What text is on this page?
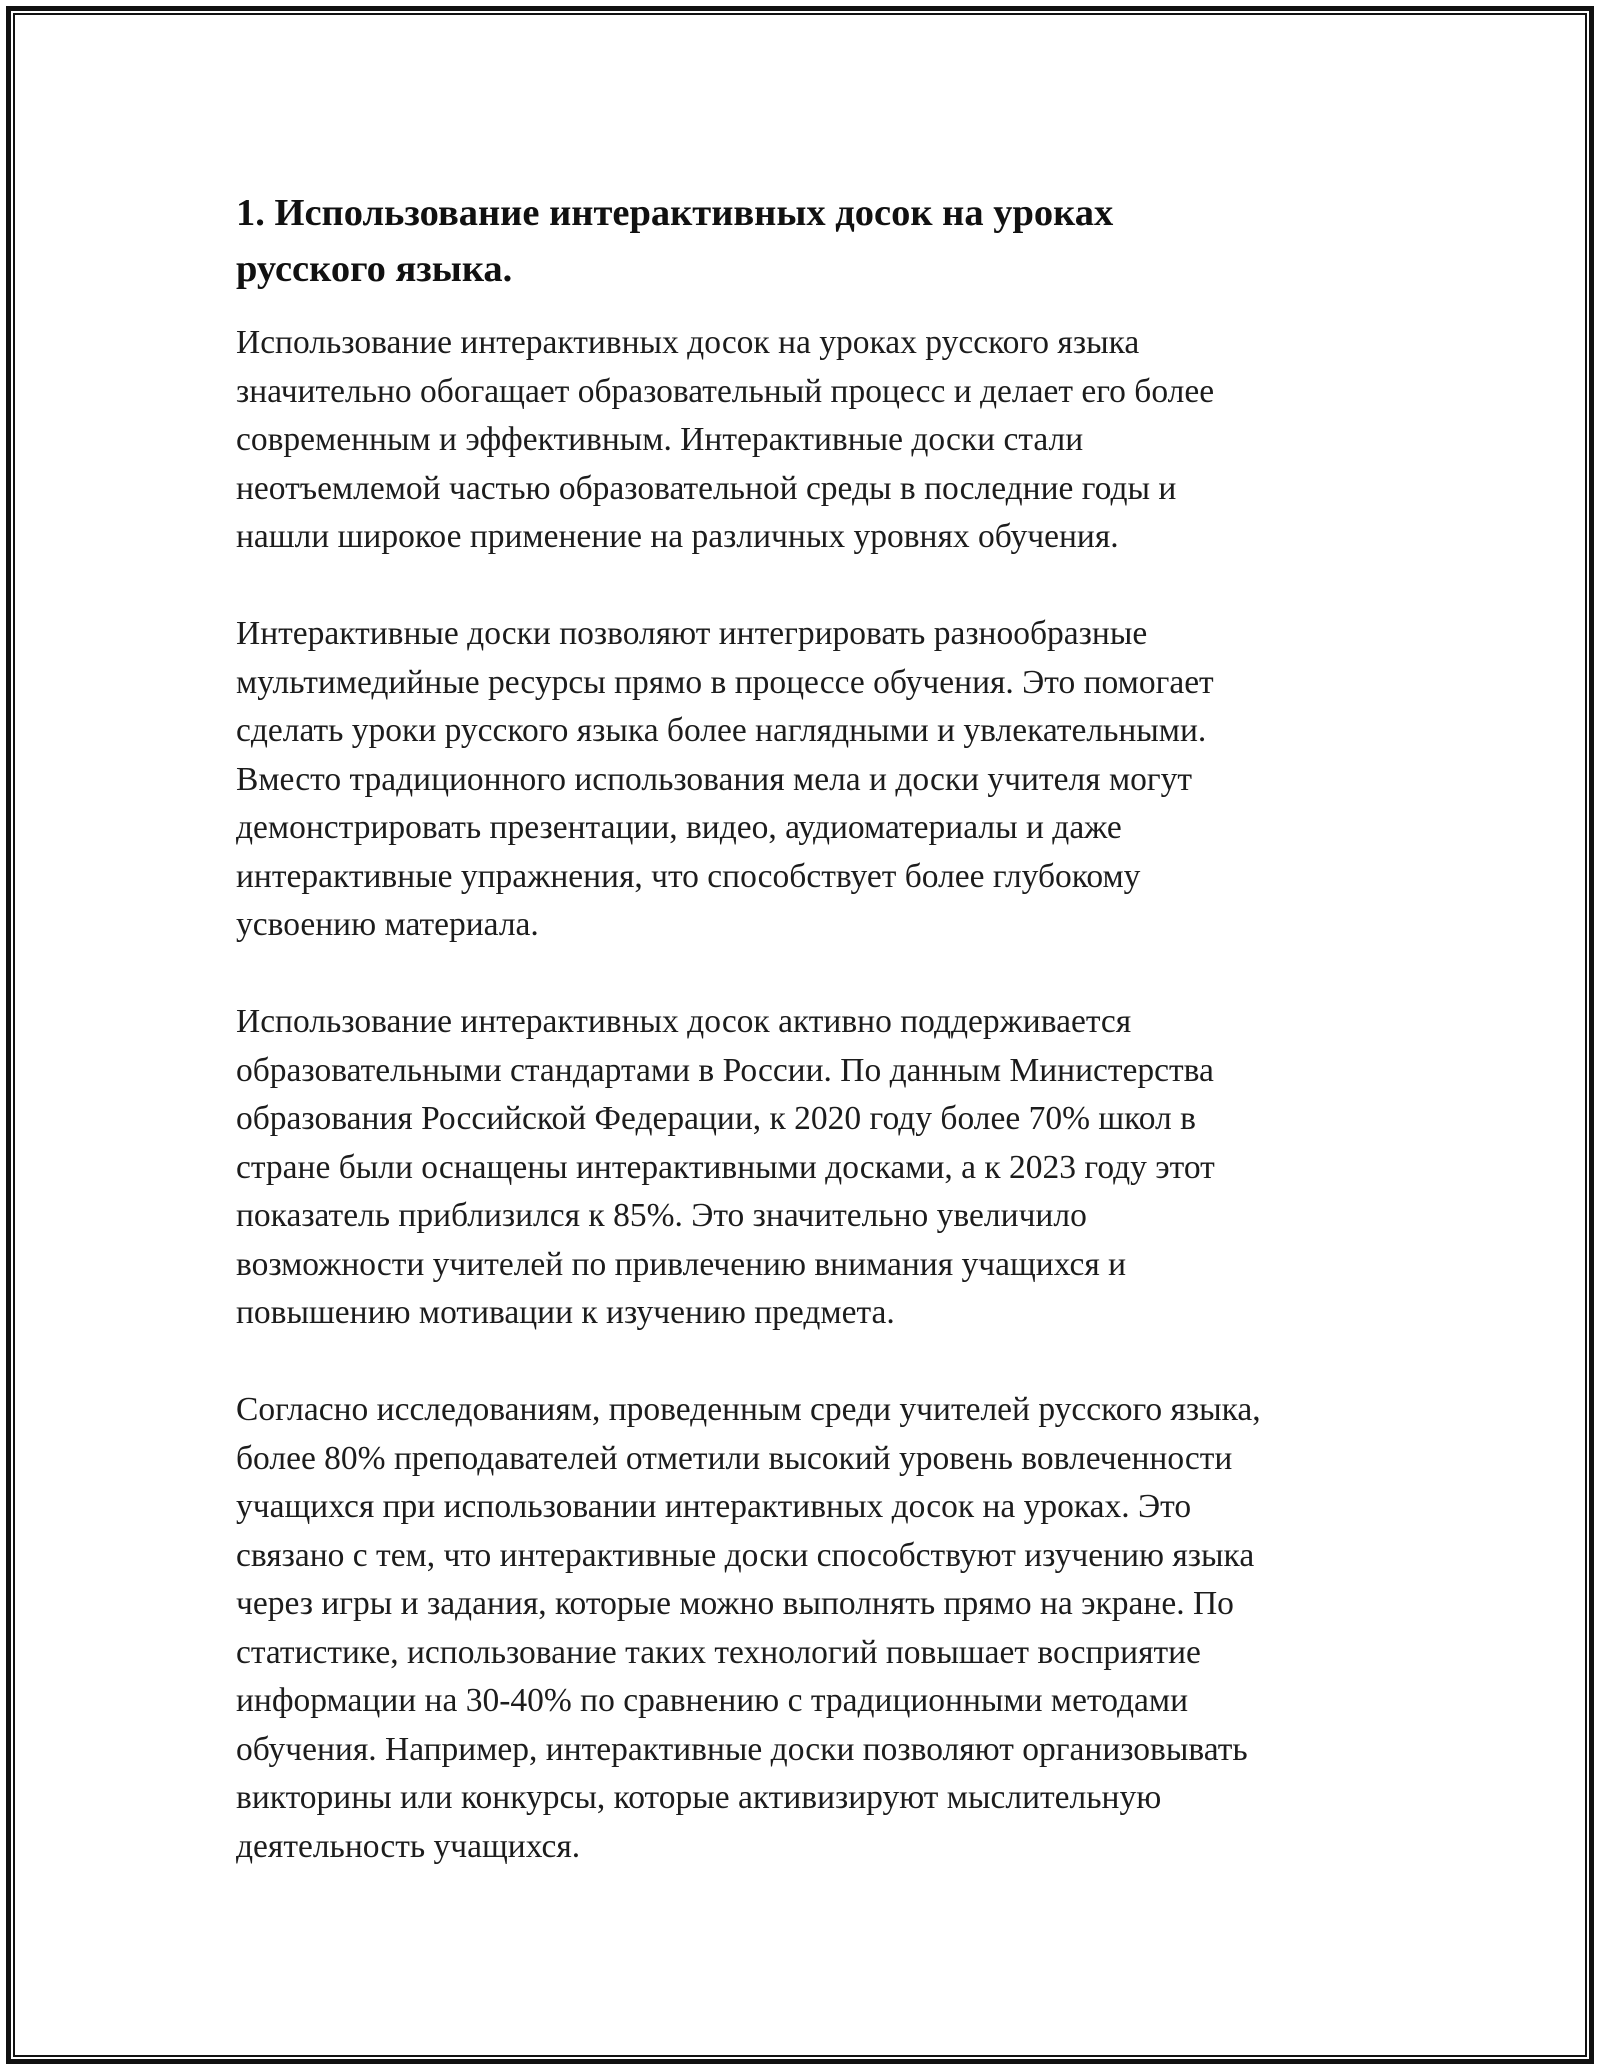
1. Использование интерактивных досок на уроках
русского языка.

Использование интерактивных досок на уроках русского языка
значительно обогащает образовательный процесс и делает его более
современным и эффективным. Интерактивные доски стали
неотъемлемой частью образовательной среды в последние годы и
нашли широкое применение на различных уровнях обучения.

Интерактивные доски позволяют интегрировать разнообразные
мультимедийные ресурсы прямо в процессе обучения. Это помогает
сделать уроки русского языка более наглядными и увлекательными.
Вместо традиционного использования мела и доски учителя могут
демонстрировать презентации, видео, аудиоматериалы и даже
интерактивные упражнения, что способствует более глубокому
усвоению материала.

Использование интерактивных досок активно поддерживается
образовательными стандартами в России. По данным Министерства
образования Российской Федерации, к 2020 году более 70% школ в
стране были оснащены интерактивными досками, а к 2023 году этот
показатель приблизился к 85%. Это значительно увеличило
возможности учителей по привлечению внимания учащихся и
повышению мотивации к изучению предмета.

Согласно исследованиям, проведенным среди учителей русского языка,
более 80% преподавателей отметили высокий уровень вовлеченности
учащихся при использовании интерактивных досок на уроках. Это
связано с тем, что интерактивные доски способствуют изучению языка
через игры и задания, которые можно выполнять прямо на экране. По
статистике, использование таких технологий повышает восприятие
информации на 30-40% по сравнению с традиционными методами
обучения. Например, интерактивные доски позволяют организовывать
викторины или конкурсы, которые активизируют мыслительную
деятельность учащихся.
